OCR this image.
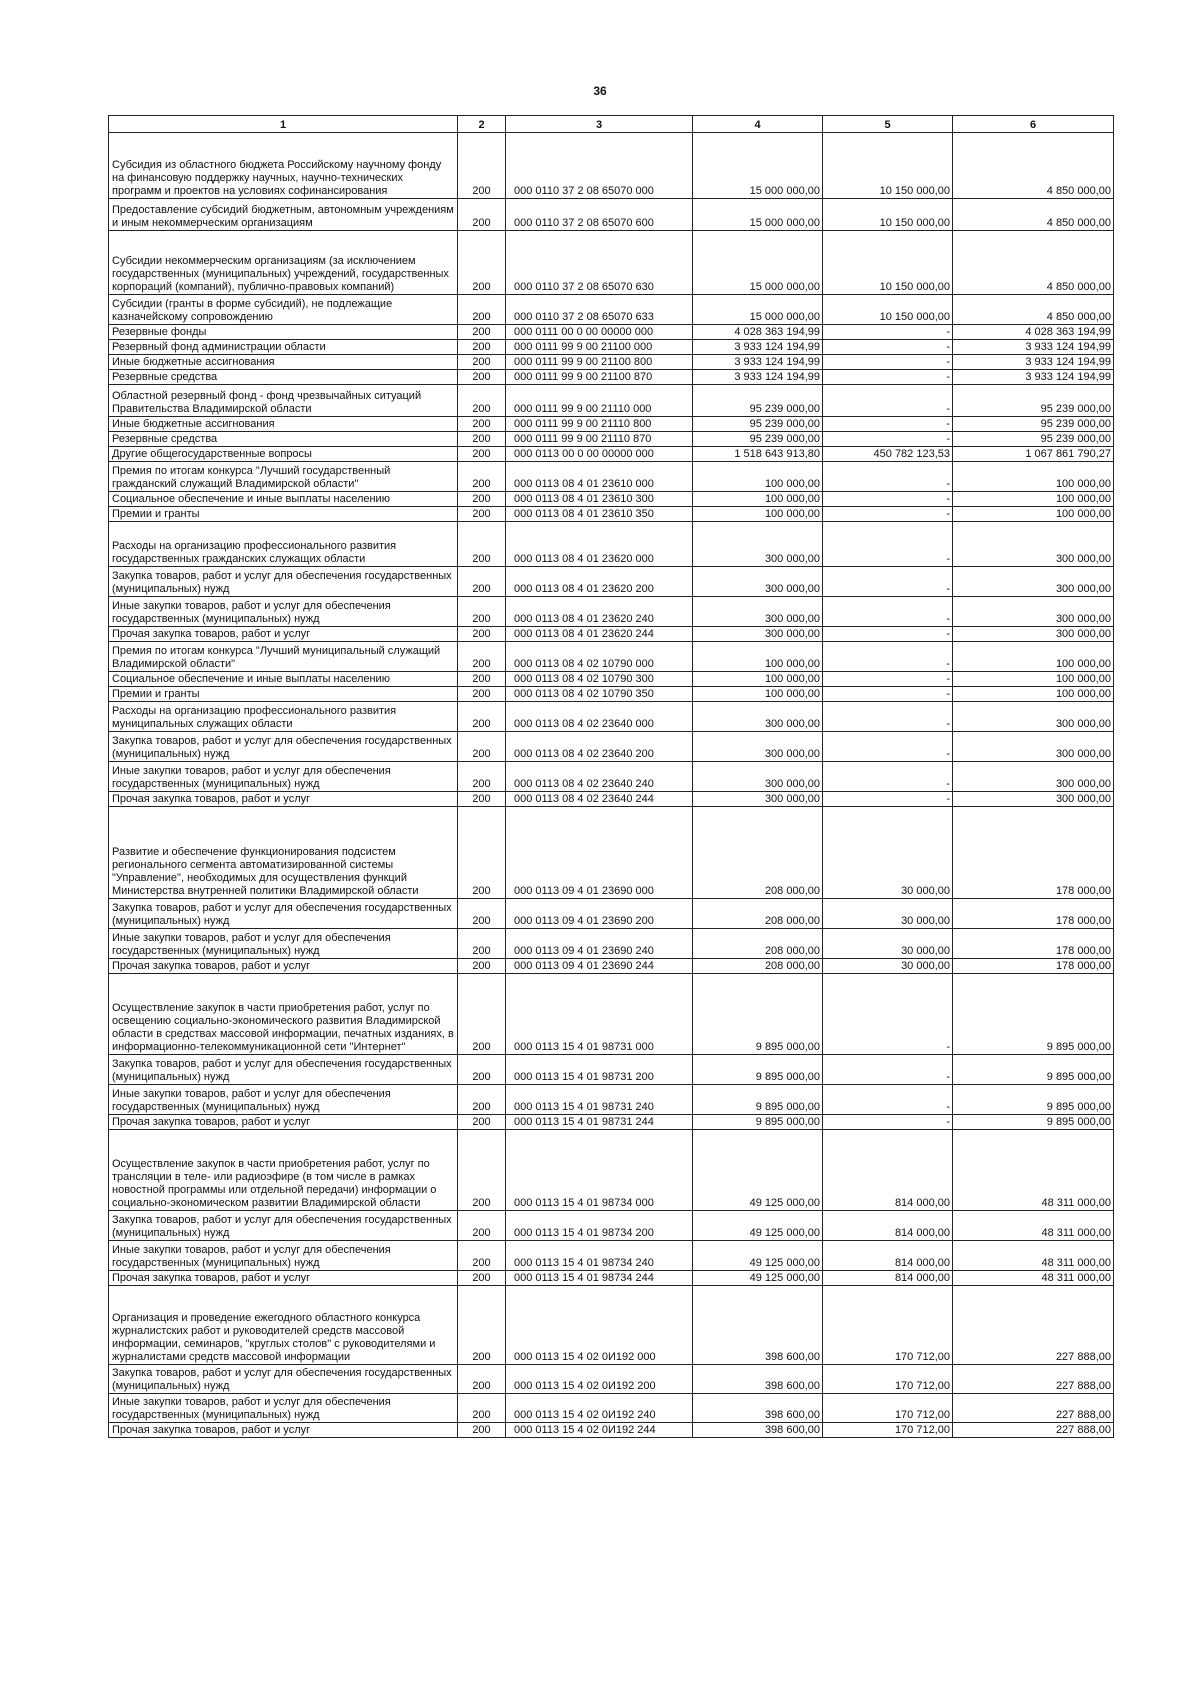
36
1	2	3	4	5	6
Субсидия из областного бюджета Российскому научному фонду на финансовую поддержку научных, научно-технических программ и проектов на условиях софинансирования	200	000 0110 37 2 08 65070 000	15 000 000,00	10 150 000,00	4 850 000,00
Предоставление субсидий бюджетным, автономным учреждениям и иным некоммерческим организациям	200	000 0110 37 2 08 65070 600	15 000 000,00	10 150 000,00	4 850 000,00
Субсидии некоммерческим организациям (за исключением государственных (муниципальных) учреждений, государственных корпораций (компаний), публично-правовых компаний)	200	000 0110 37 2 08 65070 630	15 000 000,00	10 150 000,00	4 850 000,00
Субсидии (гранты в форме субсидий), не подлежащие казначейскому сопровождению	200	000 0110 37 2 08 65070 633	15 000 000,00	10 150 000,00	4 850 000,00
Резервные фонды	200	000 0111 00 0 00 00000 000	4 028 363 194,99	-	4 028 363 194,99
Резервный фонд администрации области	200	000 0111 99 9 00 21100 000	3 933 124 194,99	-	3 933 124 194,99
Иные бюджетные ассигнования	200	000 0111 99 9 00 21100 800	3 933 124 194,99	-	3 933 124 194,99
Резервные средства	200	000 0111 99 9 00 21100 870	3 933 124 194,99	-	3 933 124 194,99
Областной резервный фонд - фонд чрезвычайных ситуаций Правительства Владимирской области	200	000 0111 99 9 00 21110 000	95 239 000,00	-	95 239 000,00
Иные бюджетные ассигнования	200	000 0111 99 9 00 21110 800	95 239 000,00	-	95 239 000,00
Резервные средства	200	000 0111 99 9 00 21110 870	95 239 000,00	-	95 239 000,00
Другие общегосударственные вопросы	200	000 0113 00 0 00 00000 000	1 518 643 913,80	450 782 123,53	1 067 861 790,27
Премия по итогам конкурса "Лучший государственный гражданский служащий Владимирской области"	200	000 0113 08 4 01 23610 000	100 000,00	-	100 000,00
Социальное обеспечение и иные выплаты населению	200	000 0113 08 4 01 23610 300	100 000,00	-	100 000,00
Премии и гранты	200	000 0113 08 4 01 23610 350	100 000,00	-	100 000,00
Расходы на организацию профессионального развития государственных гражданских служащих области	200	000 0113 08 4 01 23620 000	300 000,00	-	300 000,00
Закупка товаров, работ и услуг для обеспечения государственных (муниципальных) нужд	200	000 0113 08 4 01 23620 200	300 000,00	-	300 000,00
Иные закупки товаров, работ и услуг для обеспечения государственных (муниципальных) нужд	200	000 0113 08 4 01 23620 240	300 000,00	-	300 000,00
Прочая закупка товаров, работ и услуг	200	000 0113 08 4 01 23620 244	300 000,00	-	300 000,00
Премия по итогам конкурса "Лучший муниципальный служащий Владимирской области"	200	000 0113 08 4 02 10790 000	100 000,00	-	100 000,00
Социальное обеспечение и иные выплаты населению	200	000 0113 08 4 02 10790 300	100 000,00	-	100 000,00
Премии и гранты	200	000 0113 08 4 02 10790 350	100 000,00	-	100 000,00
Расходы на организацию профессионального развития муниципальных служащих области	200	000 0113 08 4 02 23640 000	300 000,00	-	300 000,00
Закупка товаров, работ и услуг для обеспечения государственных (муниципальных) нужд	200	000 0113 08 4 02 23640 200	300 000,00	-	300 000,00
Иные закупки товаров, работ и услуг для обеспечения государственных (муниципальных) нужд	200	000 0113 08 4 02 23640 240	300 000,00	-	300 000,00
Прочая закупка товаров, работ и услуг	200	000 0113 08 4 02 23640 244	300 000,00	-	300 000,00
Развитие и обеспечение функционирования подсистем регионального сегмента автоматизированной системы "Управление", необходимых для осуществления функций Министерства внутренней политики Владимирской области	200	000 0113 09 4 01 23690 000	208 000,00	30 000,00	178 000,00
Закупка товаров, работ и услуг для обеспечения государственных (муниципальных) нужд	200	000 0113 09 4 01 23690 200	208 000,00	30 000,00	178 000,00
Иные закупки товаров, работ и услуг для обеспечения государственных (муниципальных) нужд	200	000 0113 09 4 01 23690 240	208 000,00	30 000,00	178 000,00
Прочая закупка товаров, работ и услуг	200	000 0113 09 4 01 23690 244	208 000,00	30 000,00	178 000,00
Осуществление закупок в части приобретения работ, услуг по освещению социально-экономического развития Владимирской области в средствах массовой информации, печатных изданиях, в информационно-телекоммуникационной сети "Интернет"	200	000 0113 15 4 01 98731 000	9 895 000,00	-	9 895 000,00
Закупка товаров, работ и услуг для обеспечения государственных (муниципальных) нужд	200	000 0113 15 4 01 98731 200	9 895 000,00	-	9 895 000,00
Иные закупки товаров, работ и услуг для обеспечения государственных (муниципальных) нужд	200	000 0113 15 4 01 98731 240	9 895 000,00	-	9 895 000,00
Прочая закупка товаров, работ и услуг	200	000 0113 15 4 01 98731 244	9 895 000,00	-	9 895 000,00
Осуществление закупок в части приобретения работ, услуг по трансляции в теле- или радиоэфире (в том числе в рамках новостной программы или отдельной передачи) информации о социально-экономическом развитии Владимирской области	200	000 0113 15 4 01 98734 000	49 125 000,00	814 000,00	48 311 000,00
Закупка товаров, работ и услуг для обеспечения государственных (муниципальных) нужд	200	000 0113 15 4 01 98734 200	49 125 000,00	814 000,00	48 311 000,00
Иные закупки товаров, работ и услуг для обеспечения государственных (муниципальных) нужд	200	000 0113 15 4 01 98734 240	49 125 000,00	814 000,00	48 311 000,00
Прочая закупка товаров, работ и услуг	200	000 0113 15 4 01 98734 244	49 125 000,00	814 000,00	48 311 000,00
Организация и проведение ежегодного областного конкурса журналистских работ и руководителей средств массовой информации, семинаров, "круглых столов" с руководителями и журналистами средств массовой информации	200	000 0113 15 4 02 0И192 000	398 600,00	170 712,00	227 888,00
Закупка товаров, работ и услуг для обеспечения государственных (муниципальных) нужд	200	000 0113 15 4 02 0И192 200	398 600,00	170 712,00	227 888,00
Иные закупки товаров, работ и услуг для обеспечения государственных (муниципальных) нужд	200	000 0113 15 4 02 0И192 240	398 600,00	170 712,00	227 888,00
Прочая закупка товаров, работ и услуг	200	000 0113 15 4 02 0И192 244	398 600,00	170 712,00	227 888,00
